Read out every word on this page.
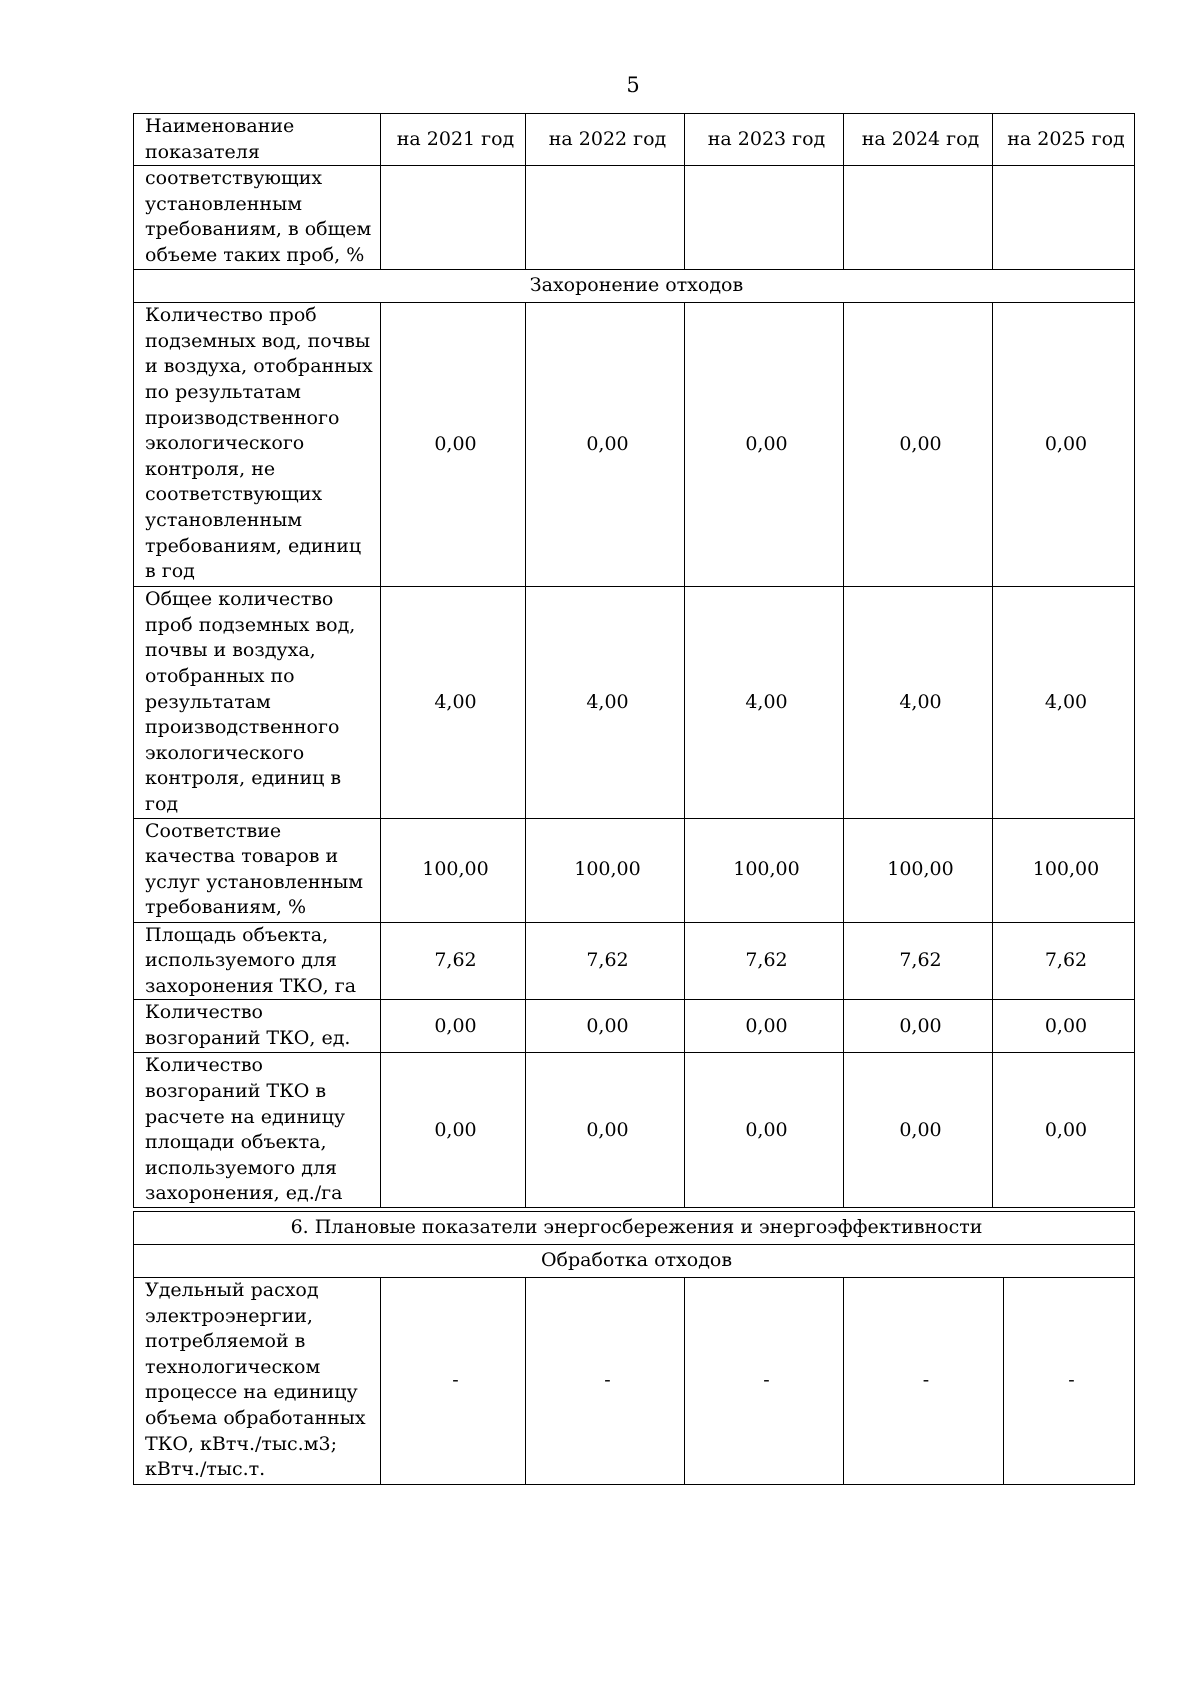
5
Наименование показателя	на 2021 год	на 2022 год	на 2023 год	на 2024 год	на 2025 год
соответствующих установленным требованиям, в общем объеме таких проб, %					
Захоронение отходов					
Количество проб подземных вод, почвы и воздуха, отобранных по результатам производственного экологического контроля, не соответствующих установленным требованиям, единиц в год	0,00	0,00	0,00	0,00	0,00
Общее количество проб подземных вод, почвы и воздуха, отобранных по результатам производственного экологического контроля, единиц в год	4,00	4,00	4,00	4,00	4,00
Соответствие качества товаров и услуг установленным требованиям, %	100,00	100,00	100,00	100,00	100,00
Площадь объекта, используемого для захоронения ТКО, га	7,62	7,62	7,62	7,62	7,62
Количество возгораний ТКО, ед.	0,00	0,00	0,00	0,00	0,00
Количество возгораний ТКО в расчете на единицу площади объекта, используемого для захоронения, ед./га	0,00	0,00	0,00	0,00	0,00
6. Плановые показатели энергосбережения и энергоэффективности
Обработка отходов
Удельный расход электроэнергии, потребляемой в технологическом процессе на единицу объема обработанных ТКО, кВтч./тыс.м3; кВтч./тыс.т.	-	-	-	-	-
